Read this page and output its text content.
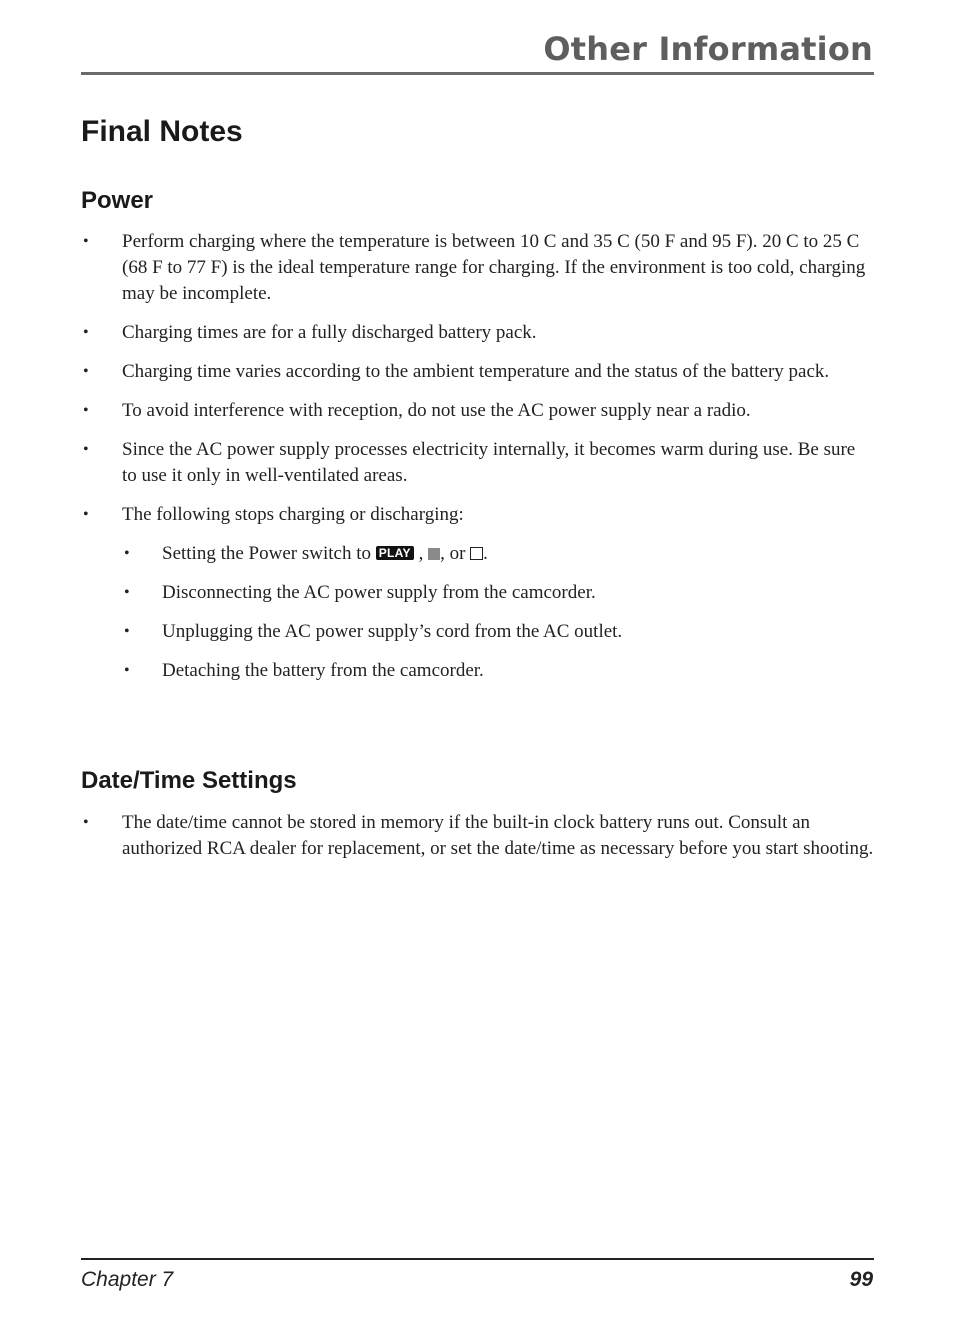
Other Information
Final Notes
Power
• Perform charging where the temperature is between 10 C and 35 C (50 F and 95 F). 20 C to 25 C (68 F to 77 F) is the ideal temperature range for charging. If the environment is too cold, charging may be incomplete.
• Charging times are for a fully discharged battery pack.
• Charging time varies according to the ambient temperature and the status of the battery pack.
• To avoid interference with reception, do not use the AC power supply near a radio.
• Since the AC power supply processes electricity internally, it becomes warm during use. Be sure to use it only in well-ventilated areas.
• The following stops charging or discharging:
• Setting the Power switch to PLAY , , or .
• Disconnecting the AC power supply from the camcorder.
• Unplugging the AC power supply’s cord from the AC outlet.
• Detaching the battery from the camcorder.
Date/Time Settings
• The date/time cannot be stored in memory if the built-in clock battery runs out. Consult an authorized RCA dealer for replacement, or set the date/time as necessary before you start shooting.

Chapter 7	99
